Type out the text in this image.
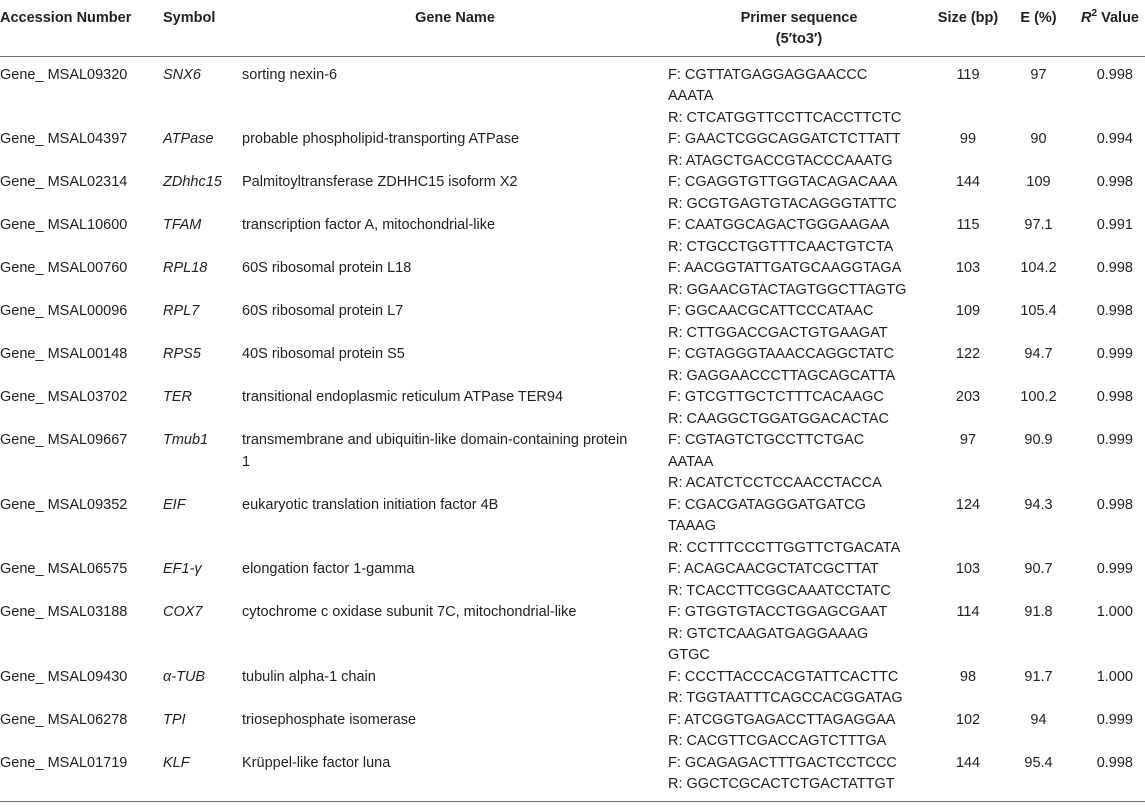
Accession Number	Symbol	Gene Name	Primer sequence
(5′to3′)	Size (bp)	E (%)	$R^2$ Value

Gene_ MSAL09320	SNX6	sorting nexin-6	F: CGTTATGAGGAGGAACCC
AAATA
R: CTCATGGTTCCTTCACCTTCTC	119	97	0.998
Gene_ MSAL04397	ATPase	probable phospholipid-transporting ATPase	F: GAACTCGGCAGGATCTCTTATT
R: ATAGCTGACCGTACCCAAATG	99	90	0.994
Gene_ MSAL02314	ZDhhc15	Palmitoyltransferase ZDHHC15 isoform X2	F: CGAGGTGTTGGTACAGACAAA
R: GCGTGAGTGTACAGGGTATTC	144	109	0.998
Gene_ MSAL10600	TFAM	transcription factor A, mitochondrial-like	F: CAATGGCAGACTGGGAAGAA
R: CTGCCTGGTTTCAACTGTCTA	115	97.1	0.991
Gene_ MSAL00760	RPL18	60S ribosomal protein L18	F: AACGGTATTGATGCAAGGTAGA
R: GGAACGTACTAGTGGCTTAGTG	103	104.2	0.998
Gene_ MSAL00096	RPL7	60S ribosomal protein L7	F: GGCAACGCATTCCCATAAC
R: CTTGGACCGACTGTGAAGAT	109	105.4	0.998
Gene_ MSAL00148	RPS5	40S ribosomal protein S5	F: CGTAGGGTAAACCAGGCTATC
R: GAGGAACCCTTAGCAGCATTA	122	94.7	0.999
Gene_ MSAL03702	TER	transitional endoplasmic reticulum ATPase TER94	F: GTCGTTGCTCTTTCACAAGC
R: CAAGGCTGGATGGACACTAC	203	100.2	0.998
Gene_ MSAL09667	Tmub1	transmembrane and ubiquitin-like domain-containing protein 1	F: CGTAGTCTGCCTTCTGAC
AATAA
R: ACATCTCCTCCAACCTACCA	97	90.9	0.999
Gene_ MSAL09352	EIF	eukaryotic translation initiation factor 4B	F: CGACGATAGGGATGATCG
TAAAG
R: CCTTTCCCTTGGTTCTGACATA	124	94.3	0.998
Gene_ MSAL06575	EF1-γ	elongation factor 1-gamma	F: ACAGCAACGCTATCGCTTAT
R: TCACCTTCGGCAAATCCTATC	103	90.7	0.999
Gene_ MSAL03188	COX7	cytochrome c oxidase subunit 7C, mitochondrial-like	F: GTGGTGTACCTGGAGCGAAT
R: GTCTCAAGATGAGGAAAG
GTGC	114	91.8	1.000
Gene_ MSAL09430	α-TUB	tubulin alpha-1 chain	F: CCCTTACCCACGTATTCACTTC
R: TGGTAATTTCAGCCACGGATAG	98	91.7	1.000
Gene_ MSAL06278	TPI	triosephosphate isomerase	F: ATCGGTGAGACCTTAGAGGAA
R: CACGTTCGACCAGTCTTTGA	102	94	0.999
Gene_ MSAL01719	KLF	Krüppel-like factor luna	F: GCAGAGACTTTGACTCCTCCC
R: GGCTCGCACTCTGACTATTGT	144	95.4	0.998
